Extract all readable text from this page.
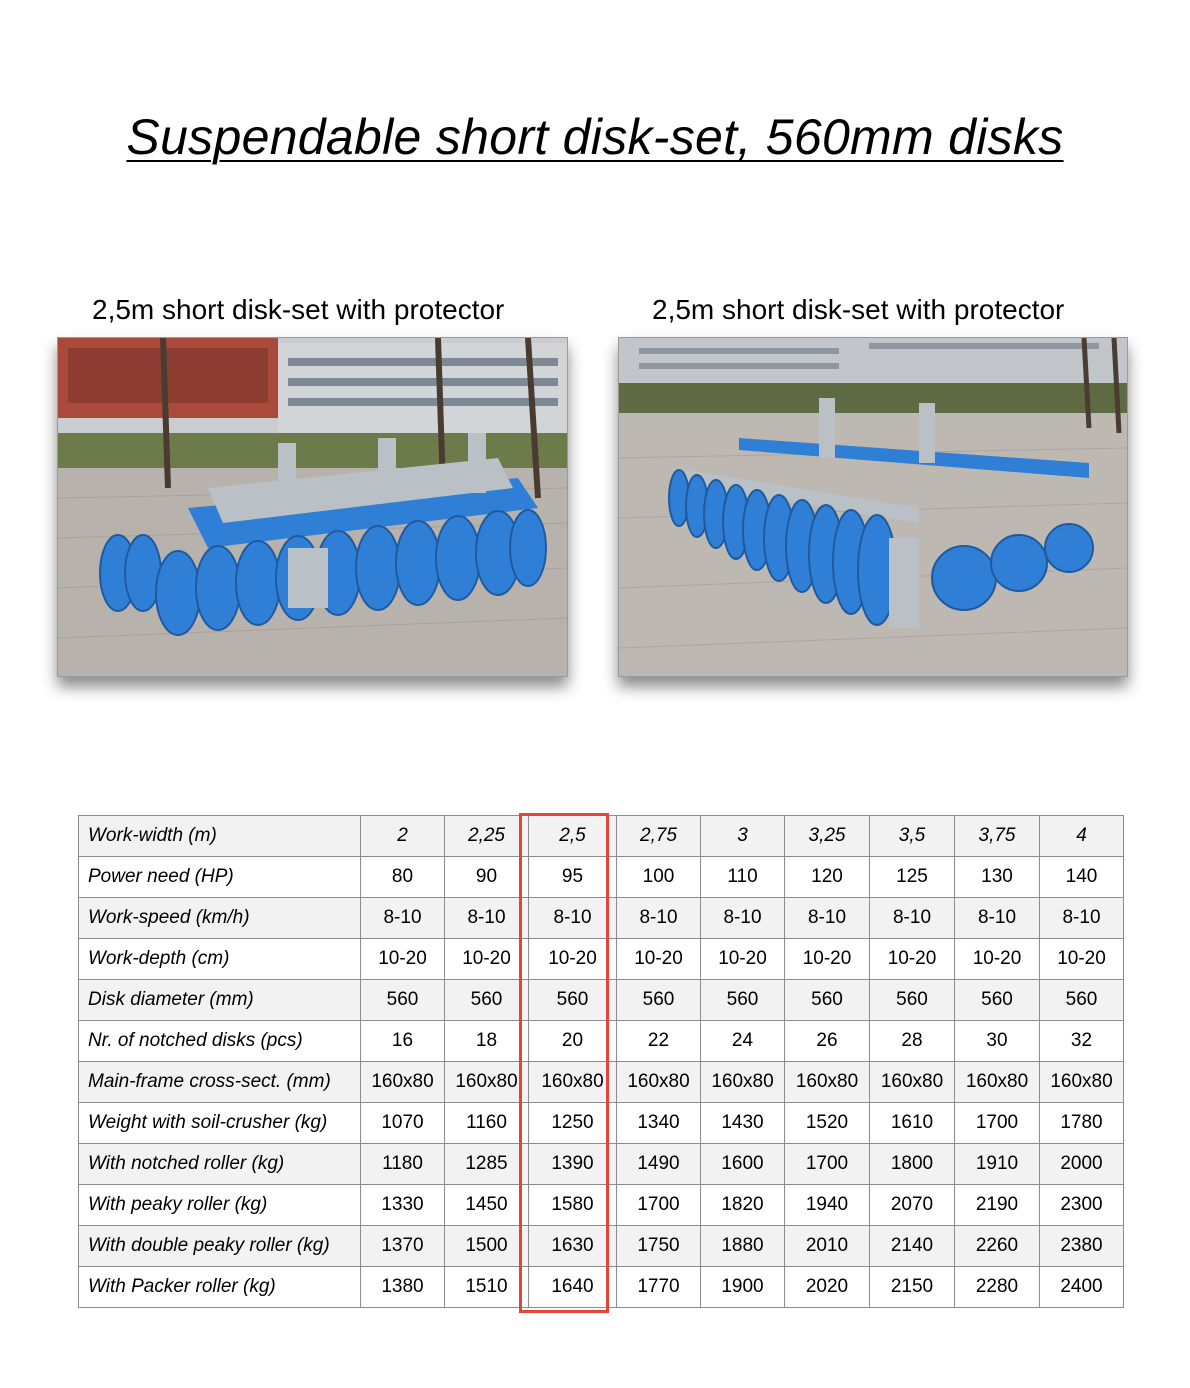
Suspendable short disk-set, 560mm disks
2,5m short disk-set with protector	2,5m short disk-set with protector
Work-width (m)	2	2,25	2,5	2,75	3	3,25	3,5	3,75	4
Power need (HP)	80	90	95	100	110	120	125	130	140
Work-speed (km/h)	8-10	8-10	8-10	8-10	8-10	8-10	8-10	8-10	8-10
Work-depth (cm)	10-20	10-20	10-20	10-20	10-20	10-20	10-20	10-20	10-20
Disk diameter (mm)	560	560	560	560	560	560	560	560	560
Nr. of notched disks (pcs)	16	18	20	22	24	26	28	30	32
Main-frame cross-sect. (mm)	160x80	160x80	160x80	160x80	160x80	160x80	160x80	160x80	160x80
Weight with soil-crusher (kg)	1070	1160	1250	1340	1430	1520	1610	1700	1780
With notched roller (kg)	1180	1285	1390	1490	1600	1700	1800	1910	2000
With peaky roller (kg)	1330	1450	1580	1700	1820	1940	2070	2190	2300
With double peaky roller (kg)	1370	1500	1630	1750	1880	2010	2140	2260	2380
With Packer roller (kg)	1380	1510	1640	1770	1900	2020	2150	2280	2400
